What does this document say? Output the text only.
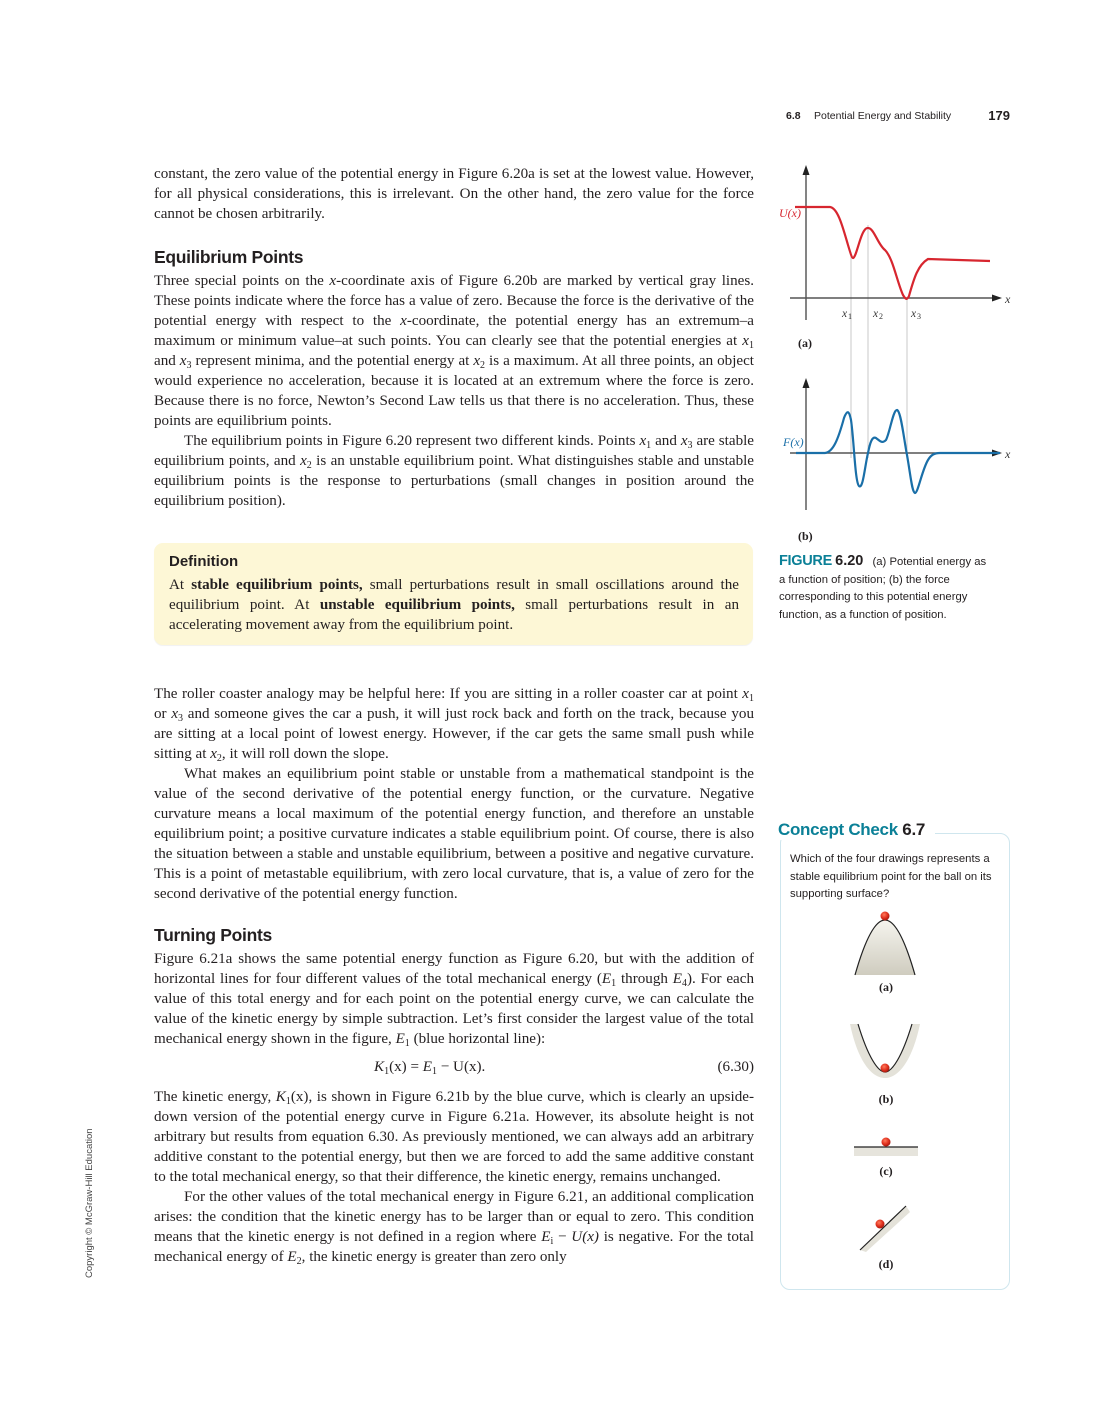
6.8 Potential Energy and Stability	179

constant, the zero value of the potential energy in Figure 6.20a is set at the lowest value. However, for all physical considerations, this is irrelevant. On the other hand, the zero value for the force cannot be chosen arbitrarily.

Equilibrium Points

Three special points on the x-coordinate axis of Figure 6.20b are marked by vertical gray lines. These points indicate where the force has a value of zero. Because the force is the derivative of the potential energy with respect to the x-coordinate, the potential energy has an extremum–a maximum or minimum value–at such points. You can clearly see that the potential energies at $x_1$ and $x_3$ represent minima, and the potential energy at $x_2$ is a maximum. At all three points, an object would experience no acceleration, because it is located at an extremum where the force is zero. Because there is no force, Newton’s Second Law tells us that there is no acceleration. Thus, these points are equilibrium points.

The equilibrium points in Figure 6.20 represent two different kinds. Points $x_1$ and $x_3$ are stable equilibrium points, and $x_2$ is an unstable equilibrium point. What distinguishes stable and unstable equilibrium points is the response to perturbations (small changes in position around the equilibrium position).

Definition
At stable equilibrium points, small perturbations result in small oscillations around the equilibrium point. At unstable equilibrium points, small perturbations result in an accelerating movement away from the equilibrium point.

The roller coaster analogy may be helpful here: If you are sitting in a roller coaster car at point $x_1$ or $x_3$ and someone gives the car a push, it will just rock back and forth on the track, because you are sitting at a local point of lowest energy. However, if the car gets the same small push while sitting at $x_2$, it will roll down the slope.

What makes an equilibrium point stable or unstable from a mathematical standpoint is the value of the second derivative of the potential energy function, or the curvature. Negative curvature means a local maximum of the potential energy function, and therefore an unstable equilibrium point; a positive curvature indicates a stable equilibrium point. Of course, there is also the situation between a stable and unstable equilibrium, between a positive and negative curvature. This is a point of metastable equilibrium, with zero local curvature, that is, a value of zero for the second derivative of the potential energy function.

Turning Points

Figure 6.21a shows the same potential energy function as Figure 6.20, but with the addition of horizontal lines for four different values of the total mechanical energy ($E_1$ through $E_4$). For each value of this total energy and for each point on the potential energy curve, we can calculate the value of the kinetic energy by simple subtraction. Let’s first consider the largest value of the total mechanical energy shown in the figure, $E_1$ (blue horizontal line):

$K_1(x) = E_1 - U(x)$.	(6.30)

The kinetic energy, $K_1(x)$, is shown in Figure 6.21b by the blue curve, which is clearly an upside-down version of the potential energy curve in Figure 6.21a. However, its absolute height is not arbitrary but results from equation 6.30. As previously mentioned, we can always add an arbitrary additive constant to the potential energy, but then we are forced to add the same additive constant to the total mechanical energy, so that their difference, the kinetic energy, remains unchanged.

For the other values of the total mechanical energy in Figure 6.21, an additional complication arises: the condition that the kinetic energy has to be larger than or equal to zero. This condition means that the kinetic energy is not defined in a region where $E_i - U(x)$ is negative. For the total mechanical energy of $E_2$, the kinetic energy is greater than zero only

U(x)
x
x 1 x 2 x 3
(a)
F(x)
x
(b)
FIGURE 6.20 (a) Potential energy as a function of position; (b) the force corresponding to this potential energy function, as a function of position.
Concept Check 6.7
Which of the four drawings represents a stable equilibrium point for the ball on its supporting surface?
(a)
(b)
(c)
(d)
Copyright © McGraw-Hill Education
